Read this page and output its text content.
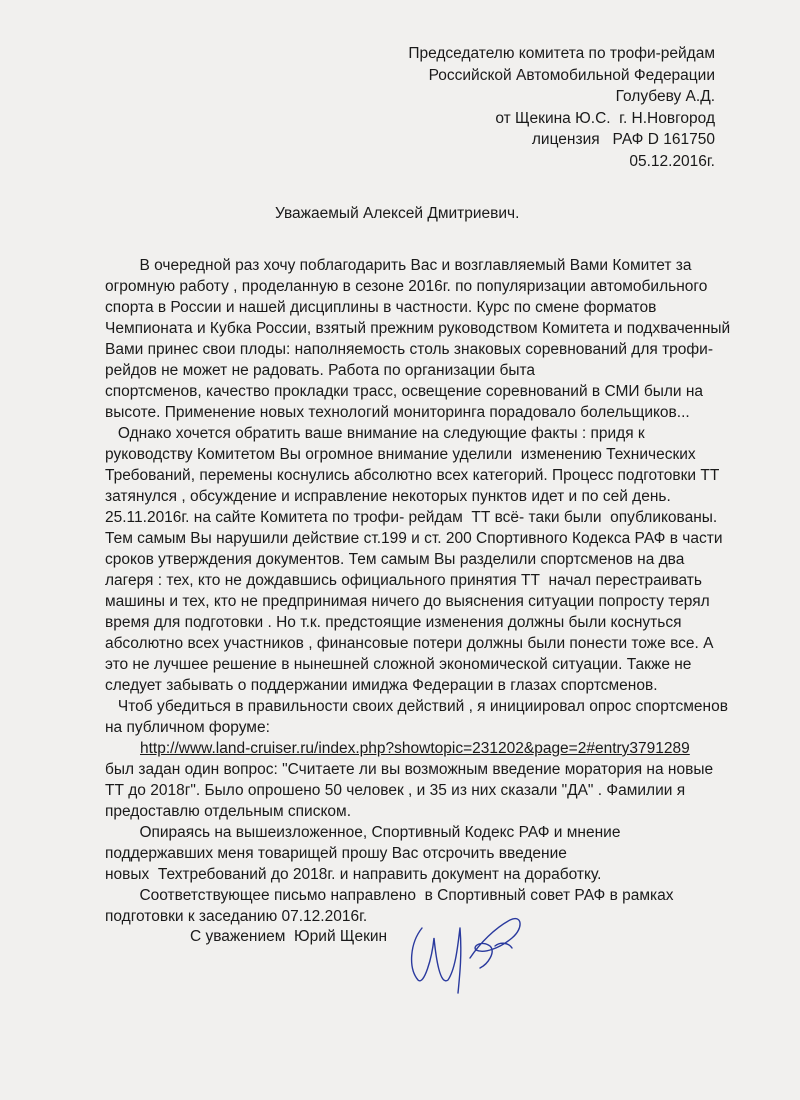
Председателю комитета по трофи-рейдам
Российской Автомобильной Федерации
Голубеву А.Д.
от Щекина Ю.С.  г. Н.Новгород
лицензия   РАФ D 161750
05.12.2016г.
Уважаемый Алексей Дмитриевич.
В очередной раз хочу поблагодарить Вас и возглавляемый Вами Комитет за
огромную работу , проделанную в сезоне 2016г. по популяризации автомобильного
спорта в России и нашей дисциплины в частности. Курс по смене форматов
Чемпионата и Кубка России, взятый прежним руководством Комитета и подхваченный
Вами принес свои плоды: наполняемость столь знаковых соревнований для трофи-
рейдов не может не радовать. Работа по организации быта
спортсменов, качество прокладки трасс, освещение соревнований в СМИ были на
высоте. Применение новых технологий мониторинга порадовало болельщиков...
Однако хочется обратить ваше внимание на следующие факты : придя к
руководству Комитетом Вы огромное внимание уделили  изменению Технических
Требований, перемены коснулись абсолютно всех категорий. Процесс подготовки ТТ
затянулся , обсуждение и исправление некоторых пунктов идет и по сей день.
25.11.2016г. на сайте Комитета по трофи- рейдам  ТТ всё- таки были  опубликованы.
Тем самым Вы нарушили действие ст.199 и ст. 200 Спортивного Кодекса РАФ в части
сроков утверждения документов. Тем самым Вы разделили спортсменов на два
лагеря : тех, кто не дождавшись официального принятия ТТ  начал перестраивать
машины и тех, кто не предпринимая ничего до выяснения ситуации попросту терял
время для подготовки . Но т.к. предстоящие изменения должны были коснуться
абсолютно всех участников , финансовые потери должны были понести тоже все. А
это не лучшее решение в нынешней сложной экономической ситуации. Также не
следует забывать о поддержании имиджа Федерации в глазах спортсменов.
Чтоб убедиться в правильности своих действий , я инициировал опрос спортсменов
на публичном форуме:
http://www.land-cruiser.ru/index.php?showtopic=231202&page=2#entry3791289
был задан один вопрос: "Считаете ли вы возможным введение моратория на новые
ТТ до 2018г". Было опрошено 50 человек , и 35 из них сказали "ДА" . Фамилии я
предоставлю отдельным списком.
Опираясь на вышеизложенное, Спортивный Кодекс РАФ и мнение
поддержавших меня товарищей прошу Вас отсрочить введение
новых  Техтребований до 2018г. и направить документ на доработку.
Соответствующее письмо направлено  в Спортивный совет РАФ в рамках
подготовки к заседанию 07.12.2016г.
С уважением  Юрий Щекин
